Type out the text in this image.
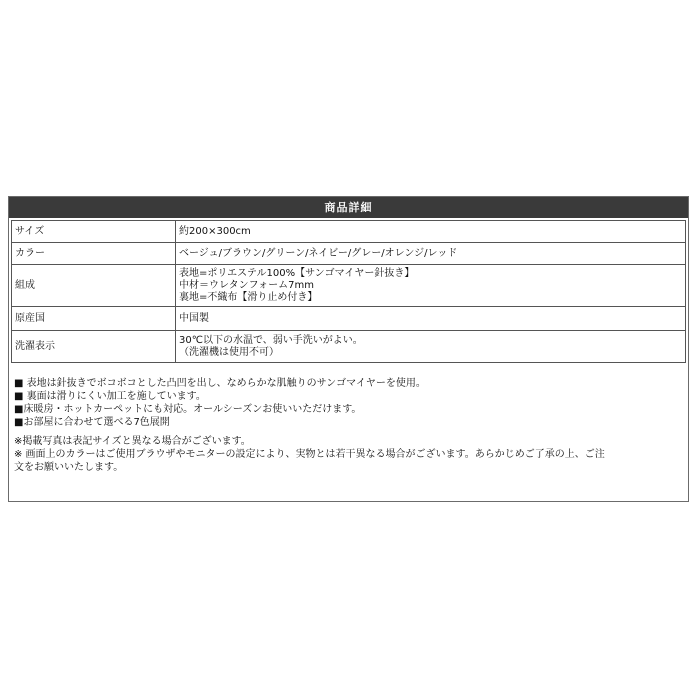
商品詳細
サイズ	約200×300cm
カラー	ベージュ/ブラウン/グリーン/ネイビー/グレー/オレンジ/レッド
組成	表地=ポリエステル100%【サンゴマイヤー針抜き】
中材＝ウレタンフォーム7mm
裏地=不織布【滑り止め付き】

原産国	中国製
洗濯表示	30℃以下の水温で、弱い手洗いがよい。
（洗濯機は使用不可）
■ 表地は針抜きでボコボコとした凸凹を出し、なめらかな肌触りのサンゴマイヤーを使用。
■ 裏面は滑りにくい加工を施しています。
■床暖房・ホットカーペットにも対応。オールシーズンお使いいただけます。
■お部屋に合わせて選べる7色展開
※掲載写真は表記サイズと異なる場合がございます。
※ 画面上のカラーはご使用ブラウザやモニターの設定により、実物とは若干異なる場合がございます。あらかじめご了承の上、ご注
文をお願いいたします。
